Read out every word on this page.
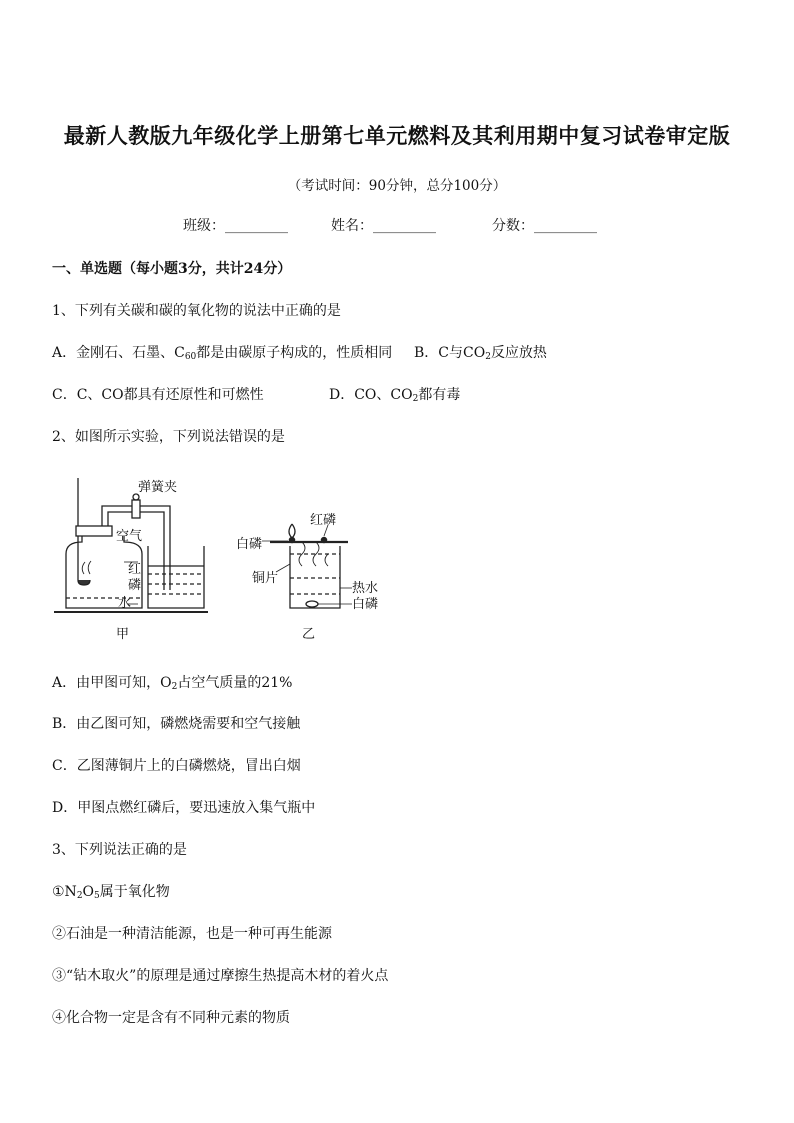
最新人教版九年级化学上册第七单元燃料及其利用期中复习试卷审定版
（考试时间：90分钟，总分100分）
班级：_________	姓名：_________	分数：_________
一、单选题（每小题3分，共计24分）
1、下列有关碳和碳的氧化物的说法中正确的是
A．金刚石、石墨、$C_{60}$都是由碳原子构成的，性质相同 B．C与$CO_2$反应放热
C．C、CO都具有还原性和可燃性	D．CO、$CO_2$都有毒
2、如图所示实验，下列说法错误的是
弹簧夹
空气
红
磷
水
甲
红磷
白磷
铜片
热水
白磷
乙
A．由甲图可知，$O_2$占空气质量的21%
B．由乙图可知，磷燃烧需要和空气接触
C．乙图薄铜片上的白磷燃烧，冒出白烟
D．甲图点燃红磷后，要迅速放入集气瓶中
3、下列说法正确的是
$①N_2O_5$属于氧化物
②石油是一种清洁能源，也是一种可再生能源
③“钻木取火”的原理是通过摩擦生热提高木材的着火点
④化合物一定是含有不同种元素的物质
